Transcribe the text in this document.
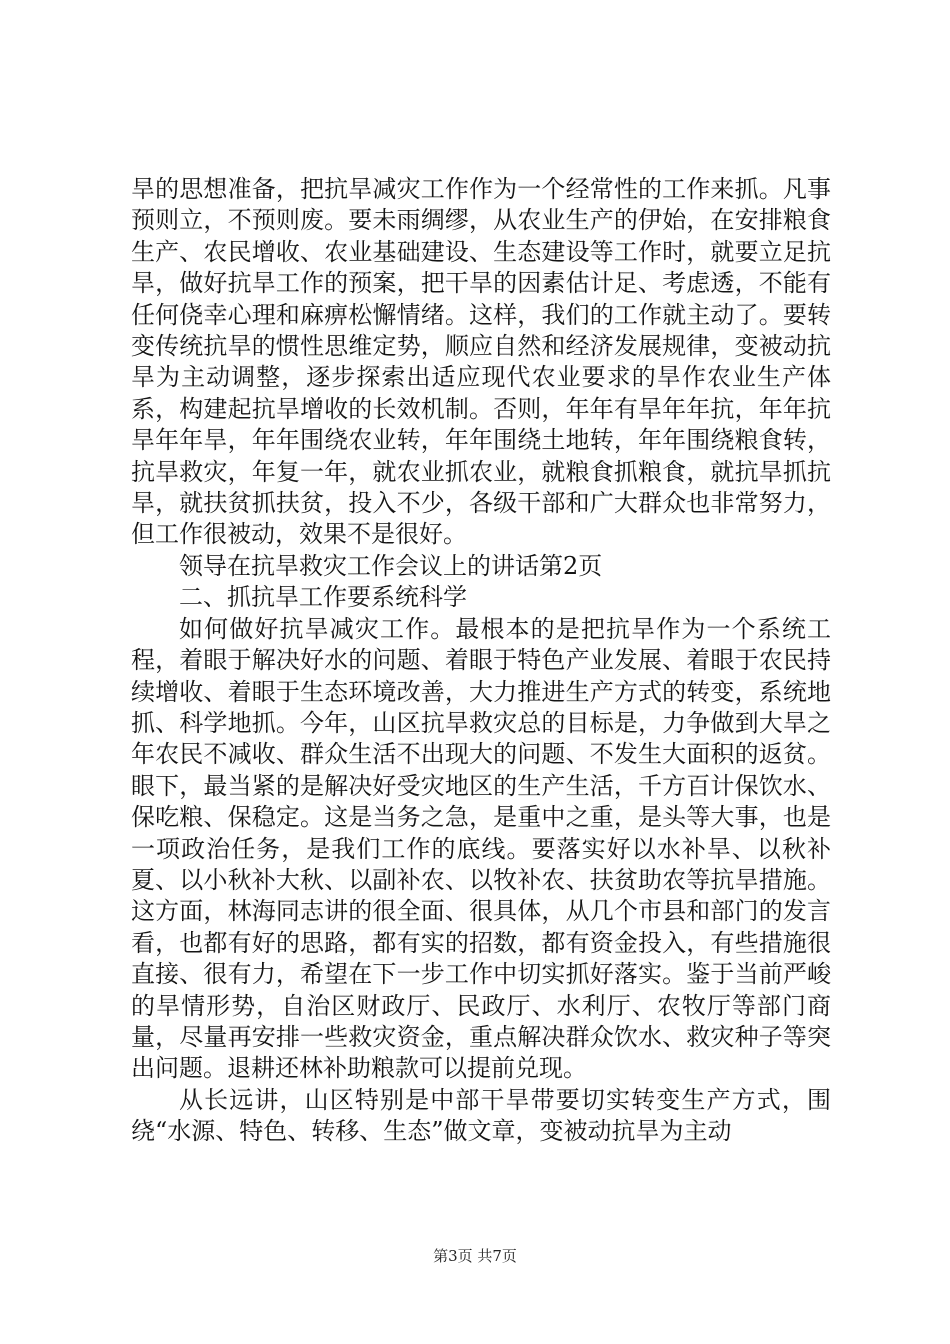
旱的思想准备，把抗旱减灾工作作为一个经常性的工作来抓。凡事预则立，不预则废。要未雨绸缪，从农业生产的伊始，在安排粮食生产、农民增收、农业基础建设、生态建设等工作时，就要立足抗旱，做好抗旱工作的预案，把干旱的因素估计足、考虑透，不能有任何侥幸心理和麻痹松懈情绪。这样，我们的工作就主动了。要转变传统抗旱的惯性思维定势，顺应自然和经济发展规律，变被动抗旱为主动调整，逐步探索出适应现代农业要求的旱作农业生产体系，构建起抗旱增收的长效机制。否则，年年有旱年年抗，年年抗旱年年旱，年年围绕农业转，年年围绕土地转，年年围绕粮食转，抗旱救灾，年复一年，就农业抓农业，就粮食抓粮食，就抗旱抓抗旱，就扶贫抓扶贫，投入不少，各级干部和广大群众也非常努力，但工作很被动，效果不是很好。

领导在抗旱救灾工作会议上的讲话第2页

二、抓抗旱工作要系统科学

如何做好抗旱减灾工作。最根本的是把抗旱作为一个系统工程，着眼于解决好水的问题、着眼于特色产业发展、着眼于农民持续增收、着眼于生态环境改善，大力推进生产方式的转变，系统地抓、科学地抓。今年，山区抗旱救灾总的目标是，力争做到大旱之年农民不减收、群众生活不出现大的问题、不发生大面积的返贫。眼下，最当紧的是解决好受灾地区的生产生活，千方百计保饮水、保吃粮、保稳定。这是当务之急，是重中之重，是头等大事，也是一项政治任务，是我们工作的底线。要落实好以水补旱、以秋补夏、以小秋补大秋、以副补农、以牧补农、扶贫助农等抗旱措施。这方面，林海同志讲的很全面、很具体，从几个市县和部门的发言看，也都有好的思路，都有实的招数，都有资金投入，有些措施很直接、很有力，希望在下一步工作中切实抓好落实。鉴于当前严峻的旱情形势，自治区财政厅、民政厅、水利厅、农牧厅等部门商量，尽量再安排一些救灾资金，重点解决群众饮水、救灾种子等突出问题。退耕还林补助粮款可以提前兑现。

从长远讲，山区特别是中部干旱带要切实转变生产方式，围绕“水源、特色、转移、生态”做文章，变被动抗旱为主动

第3页 共7页
